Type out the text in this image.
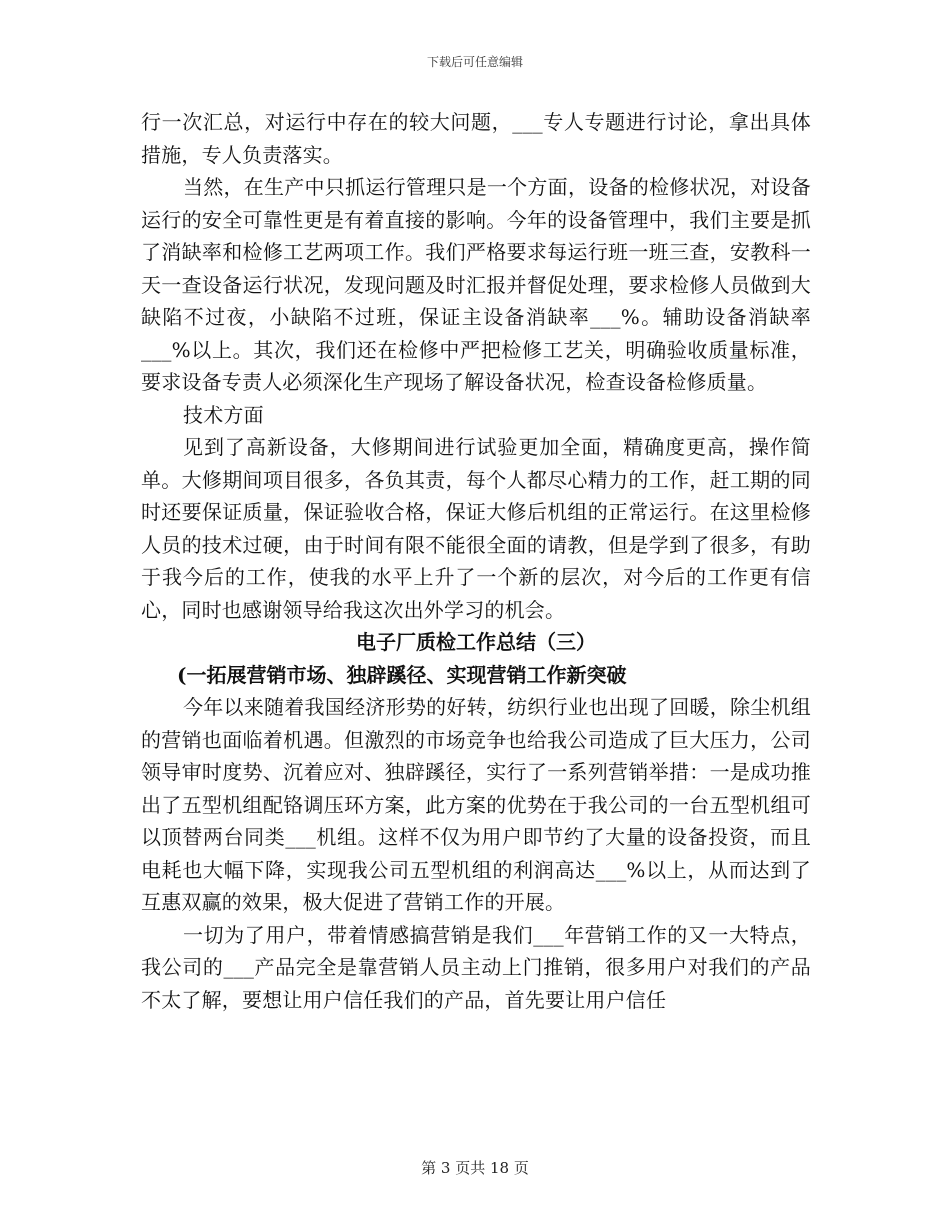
下载后可任意编辑

行一次汇总，对运行中存在的较大问题，___专人专题进行讨论，拿出具体措施，专人负责落实。

当然，在生产中只抓运行管理只是一个方面，设备的检修状况，对设备运行的安全可靠性更是有着直接的影响。今年的设备管理中，我们主要是抓了消缺率和检修工艺两项工作。我们严格要求每运行班一班三查，安教科一天一查设备运行状况，发现问题及时汇报并督促处理，要求检修人员做到大缺陷不过夜，小缺陷不过班，保证主设备消缺率___%。辅助设备消缺率___%以上。其次，我们还在检修中严把检修工艺关，明确验收质量标准，要求设备专责人必须深化生产现场了解设备状况，检查设备检修质量。

技术方面

见到了高新设备，大修期间进行试验更加全面，精确度更高，操作简单。大修期间项目很多，各负其责，每个人都尽心精力的工作，赶工期的同时还要保证质量，保证验收合格，保证大修后机组的正常运行。在这里检修人员的技术过硬，由于时间有限不能很全面的请教，但是学到了很多，有助于我今后的工作，使我的水平上升了一个新的层次，对今后的工作更有信心，同时也感谢领导给我这次出外学习的机会。

电子厂质检工作总结（三）
(一拓展营销市场、独辟蹊径、实现营销工作新突破

今年以来随着我国经济形势的好转，纺织行业也出现了回暖，除尘机组的营销也面临着机遇。但激烈的市场竞争也给我公司造成了巨大压力，公司领导审时度势、沉着应对、独辟蹊径，实行了一系列营销举措：一是成功推出了五型机组配铬调压环方案，此方案的优势在于我公司的一台五型机组可以顶替两台同类___机组。这样不仅为用户即节约了大量的设备投资，而且电耗也大幅下降，实现我公司五型机组的利润高达___%以上，从而达到了互惠双赢的效果，极大促进了营销工作的开展。

一切为了用户，带着情感搞营销是我们___年营销工作的又一大特点，我公司的___产品完全是靠营销人员主动上门推销，很多用户对我们的产品不太了解，要想让用户信任我们的产品，首先要让用户信任

第 3 页共 18 页
